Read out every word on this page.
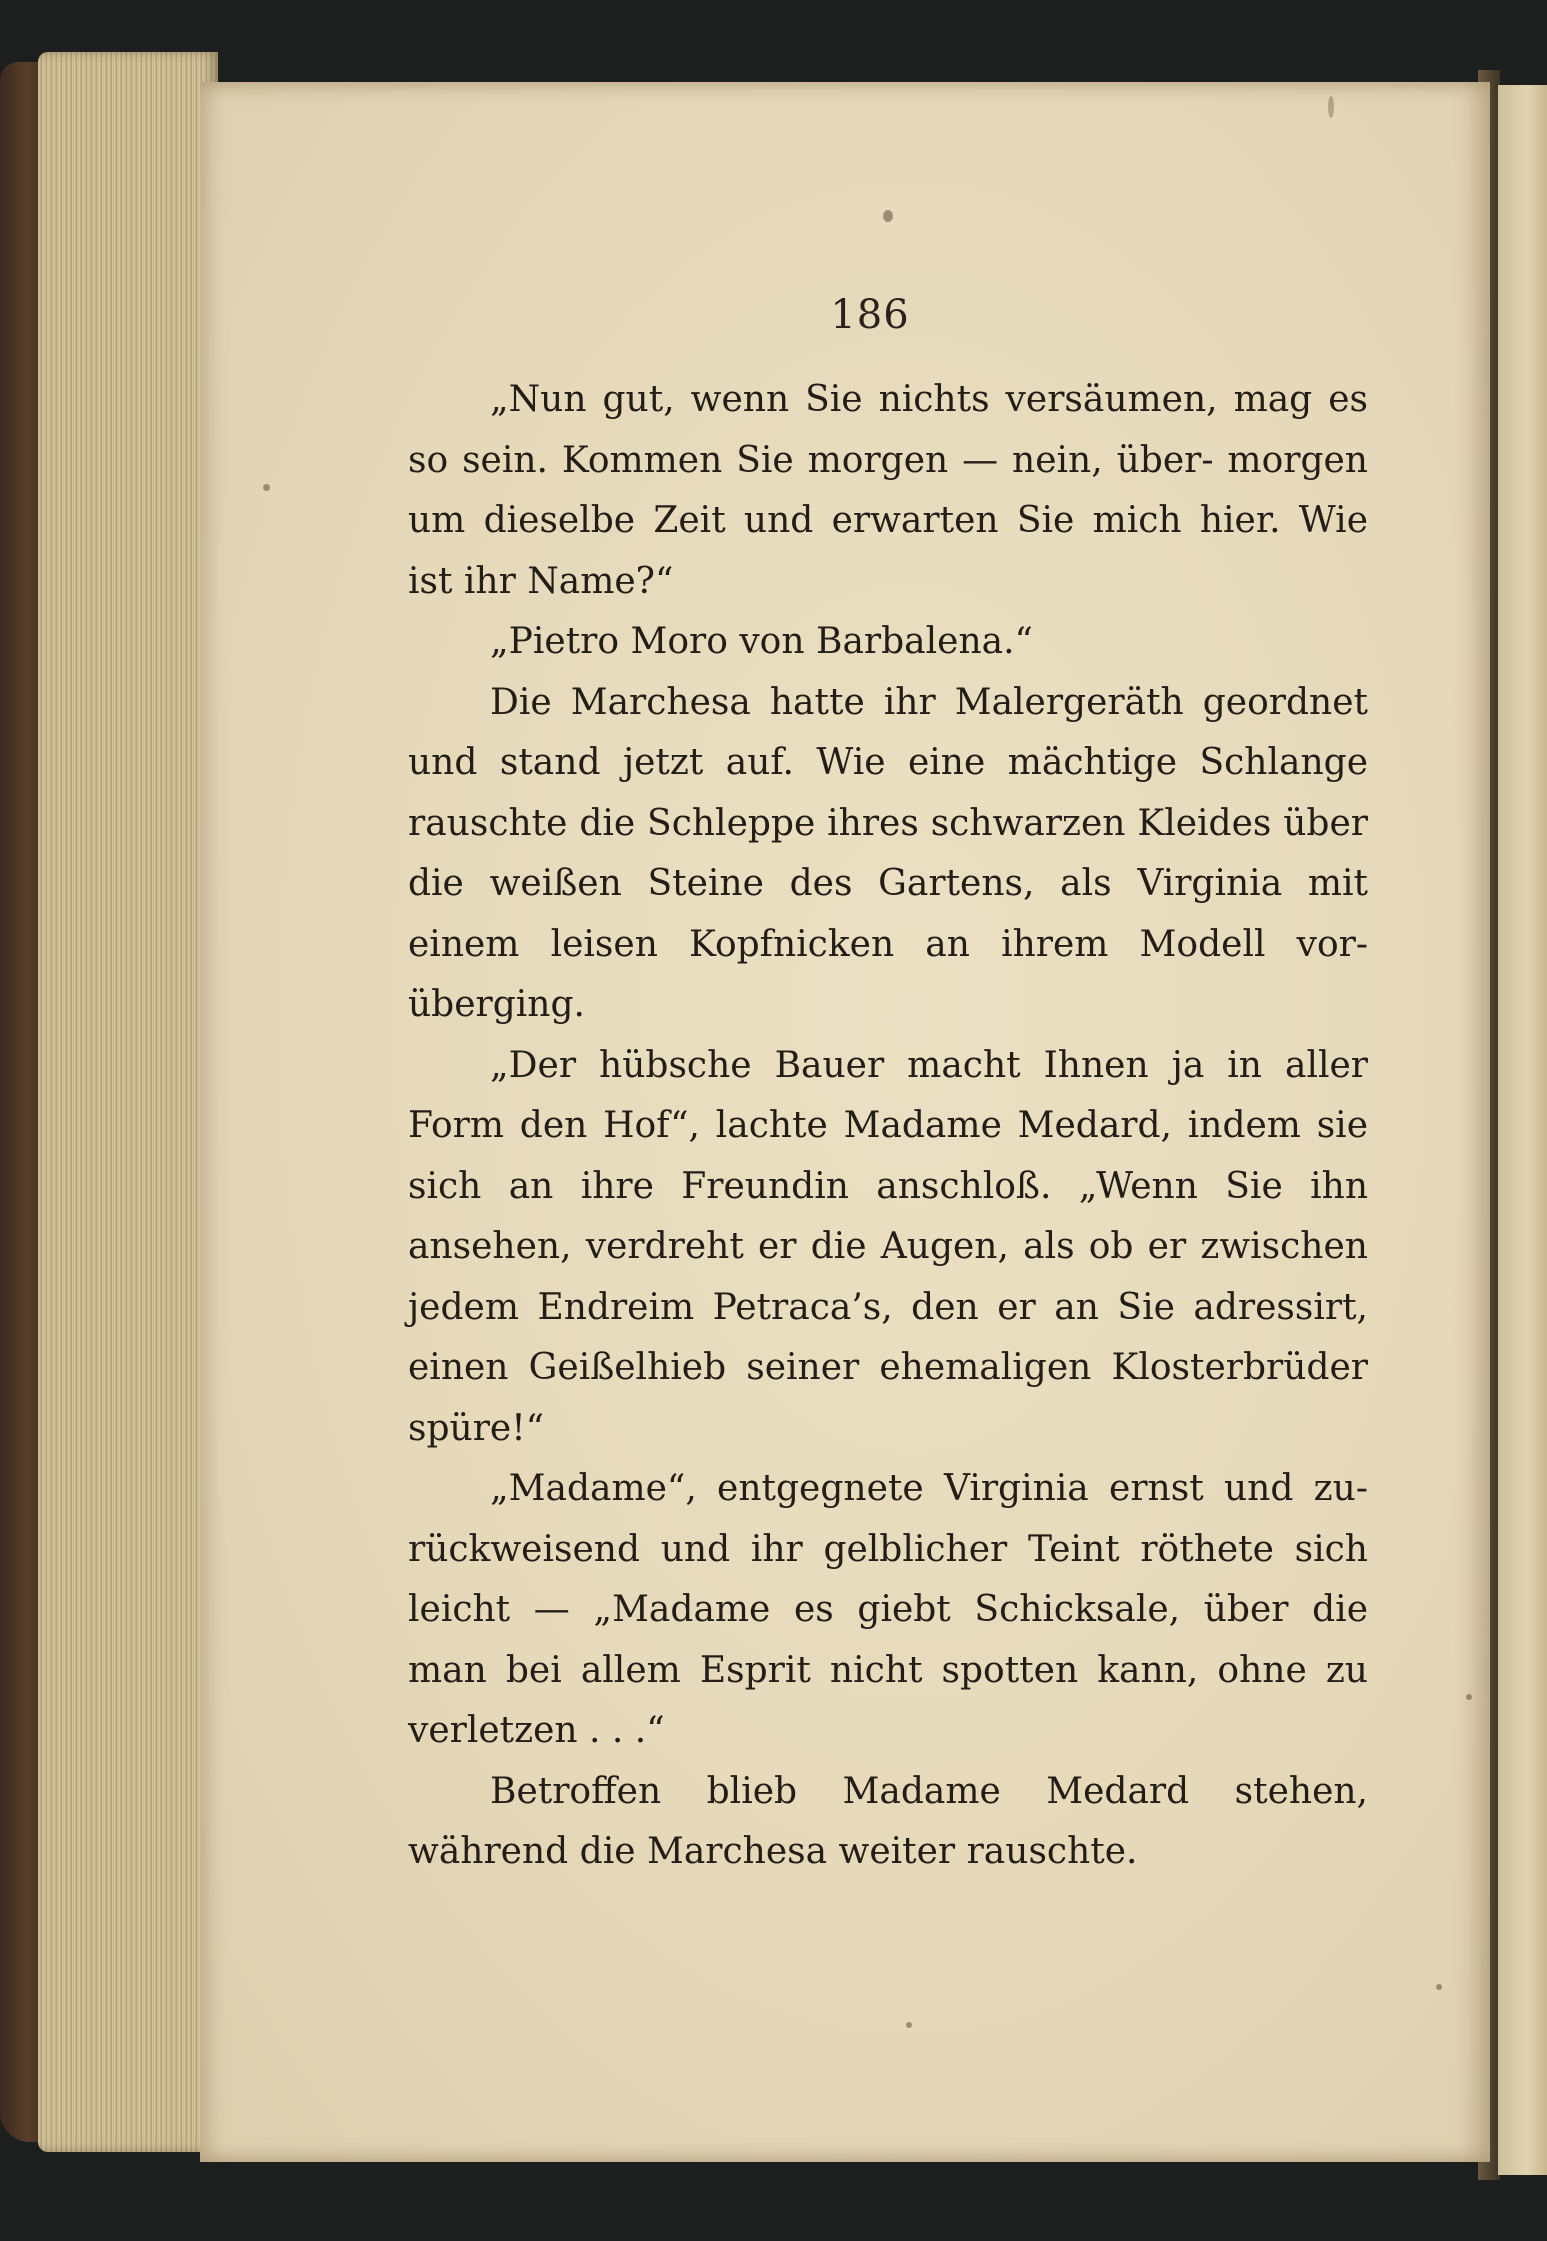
186

„Nun gut, wenn Sie nichts versäumen, mag es so sein. Kommen Sie morgen — nein, über- morgen um dieselbe Zeit und erwarten Sie mich hier. Wie ist ihr Name?“

„Pietro Moro von Barbalena.“

Die Marchesa hatte ihr Malergeräth geordnet und stand jetzt auf. Wie eine mächtige Schlange rauschte die Schleppe ihres schwarzen Kleides über die weißen Steine des Gartens, als Virginia mit einem leisen Kopfnicken an ihrem Modell vor- überging.

„Der hübsche Bauer macht Ihnen ja in aller Form den Hof“, lachte Madame Medard, indem sie sich an ihre Freundin anschloß. „Wenn Sie ihn ansehen, verdreht er die Augen, als ob er zwischen jedem Endreim Petraca’s, den er an Sie adressirt, einen Geißelhieb seiner ehemaligen Klosterbrüder spüre!“

„Madame“, entgegnete Virginia ernst und zu- rückweisend und ihr gelblicher Teint röthete sich leicht — „Madame es giebt Schicksale, über die man bei allem Esprit nicht spotten kann, ohne zu verletzen . . .“

Betroffen blieb Madame Medard stehen, während die Marchesa weiter rauschte.
